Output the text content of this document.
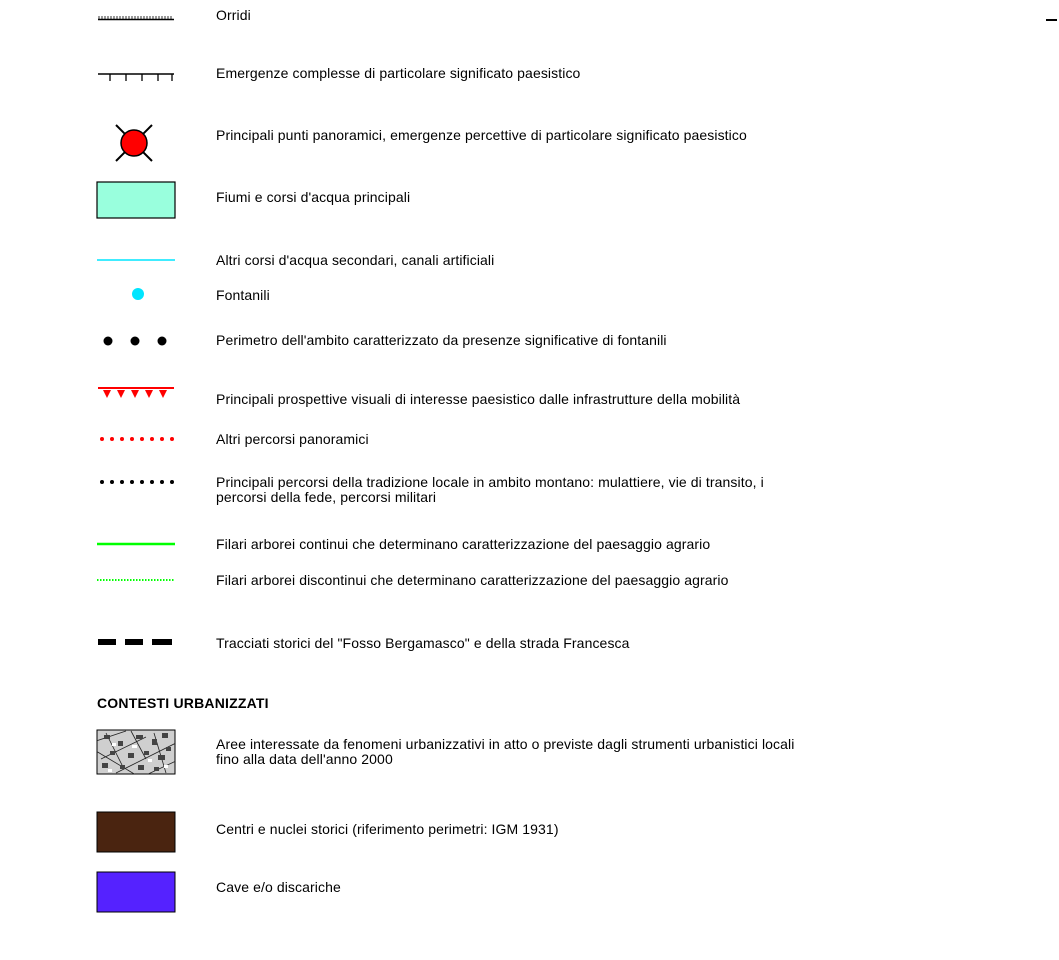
Orridi
Emergenze complesse di particolare significato paesistico
Principali punti panoramici, emergenze percettive di particolare significato paesistico
Fiumi e corsi d'acqua principali
Altri corsi d'acqua secondari, canali artificiali
Fontanili
Perimetro dell'ambito caratterizzato da presenze significative di fontanili
Principali prospettive visuali di interesse paesistico dalle infrastrutture della mobilità
Altri percorsi panoramici
Principali percorsi della tradizione locale in ambito montano: mulattiere, vie di transito, i
percorsi della fede, percorsi militari
Filari arborei continui che determinano caratterizzazione del paesaggio agrario
Filari arborei discontinui che determinano caratterizzazione del paesaggio agrario
Tracciati storici del "Fosso Bergamasco" e della strada Francesca
CONTESTI URBANIZZATI
Aree interessate da fenomeni urbanizzativi in atto o previste dagli strumenti urbanistici locali
fino alla data dell'anno 2000
Centri e nuclei storici (riferimento perimetri: IGM 1931)
Cave e/o discariche
